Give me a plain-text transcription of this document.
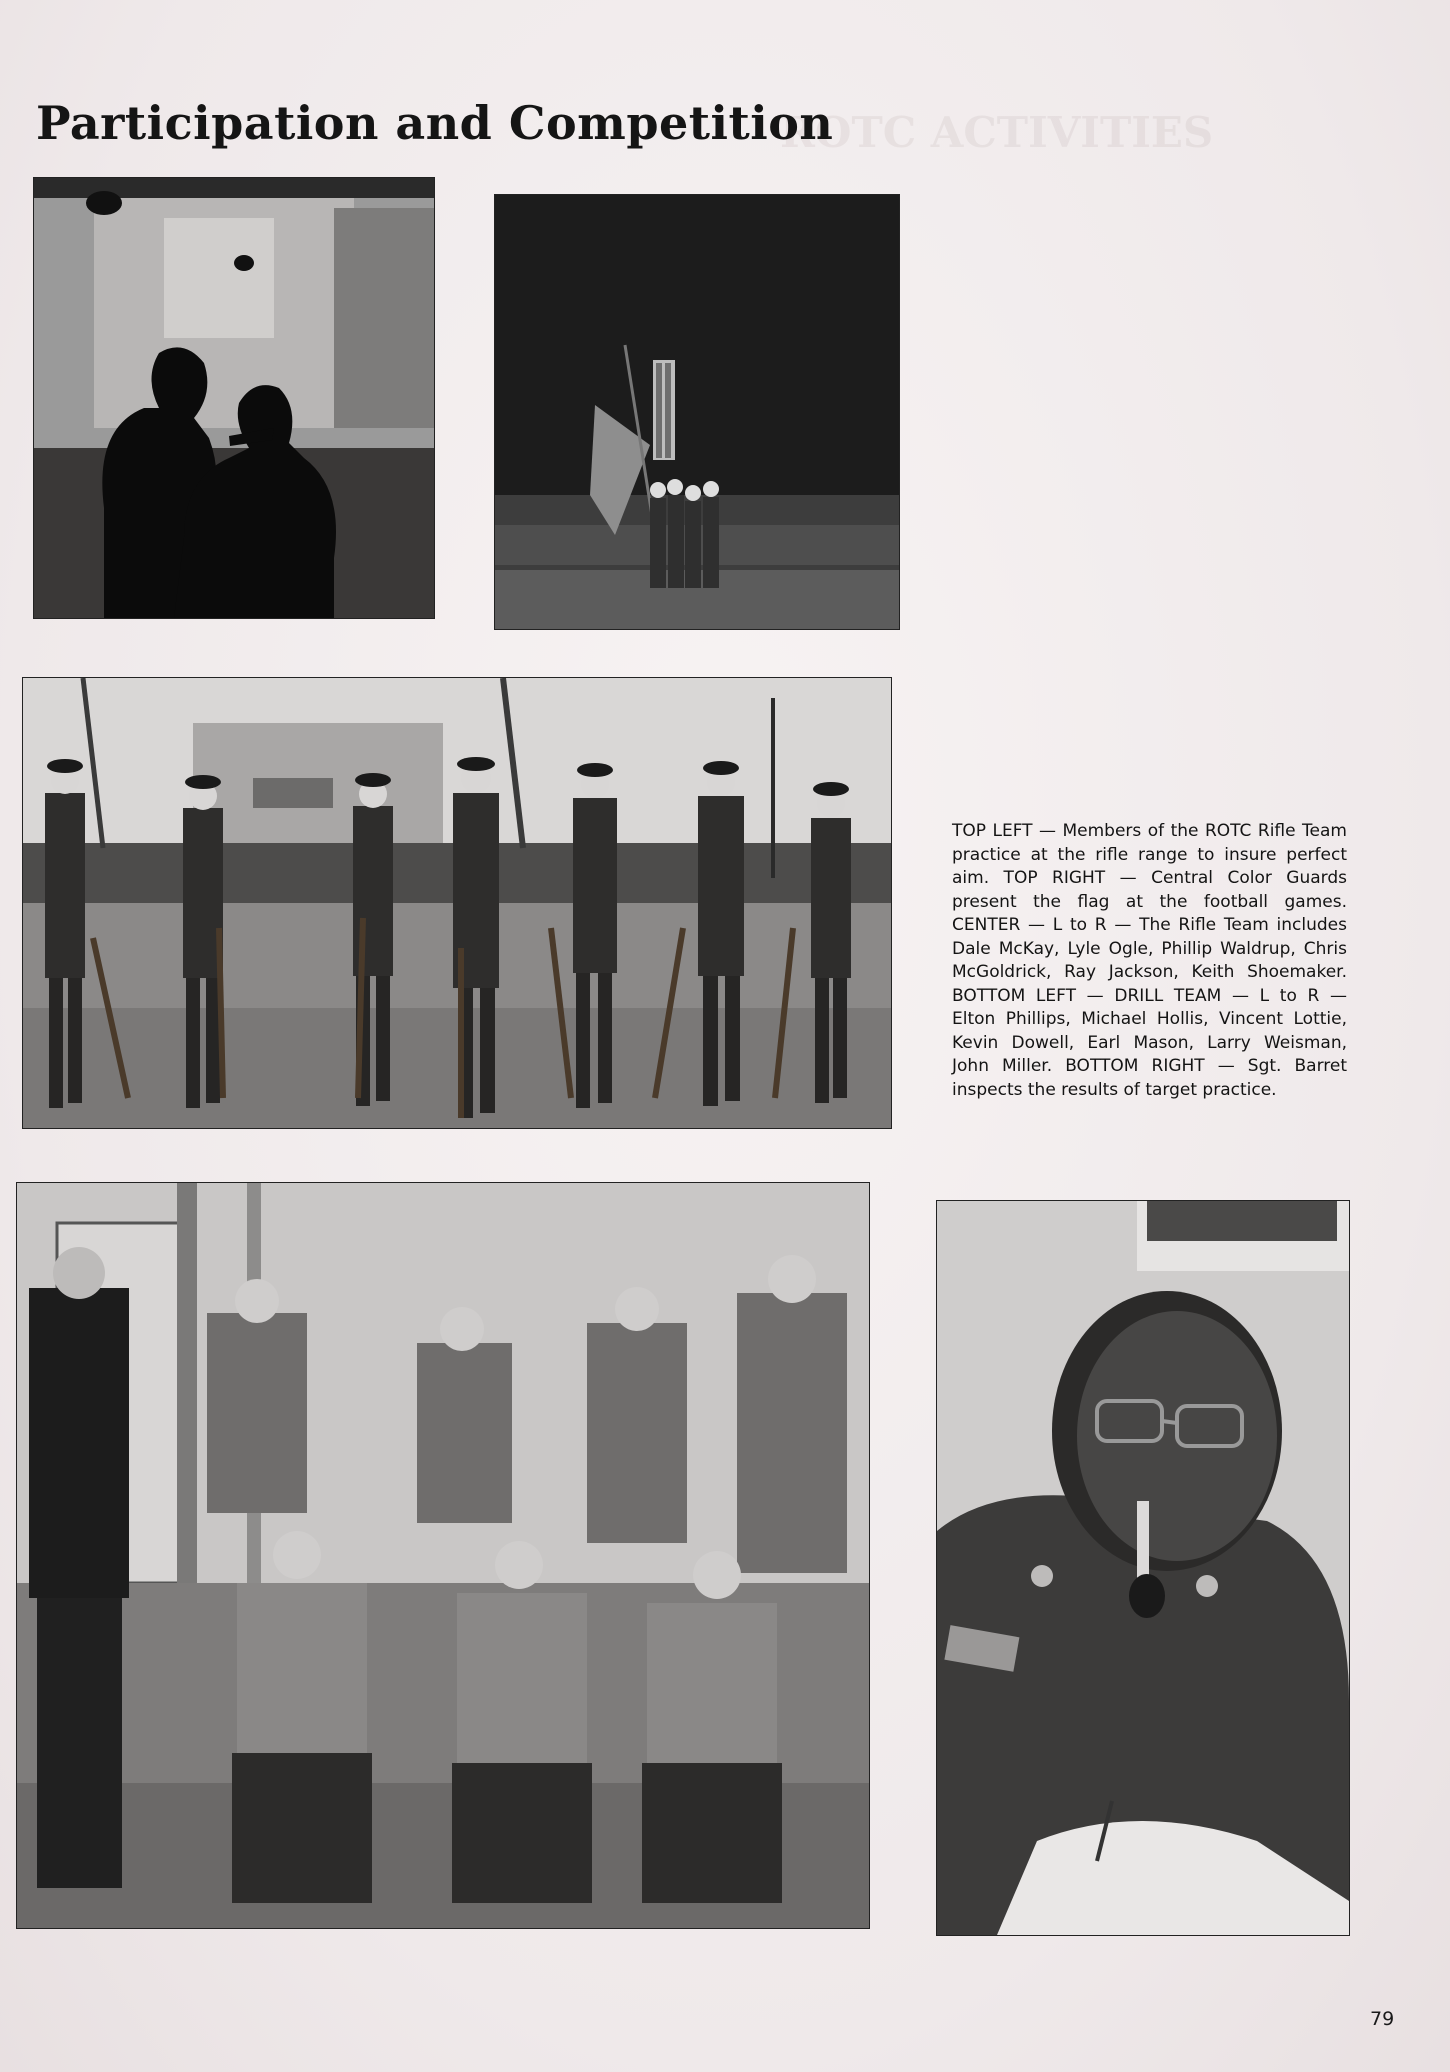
ROTC ACTIVITIES
Participation and Competition

TOP LEFT — Members of the ROTC Rifle Team practice at the rifle range to insure perfect aim. TOP RIGHT — Central Color Guards present the flag at the football games. CENTER — L to R — The Rifle Team includes Dale McKay, Lyle Ogle, Phillip Waldrup, Chris McGoldrick, Ray Jackson, Keith Shoemaker. BOTTOM LEFT — DRILL TEAM — L to R — Elton Phillips, Michael Hollis, Vincent Lottie, Kevin Dowell, Earl Mason, Larry Weisman, John Miller. BOTTOM RIGHT — Sgt. Barret inspects the results of target practice.

79
